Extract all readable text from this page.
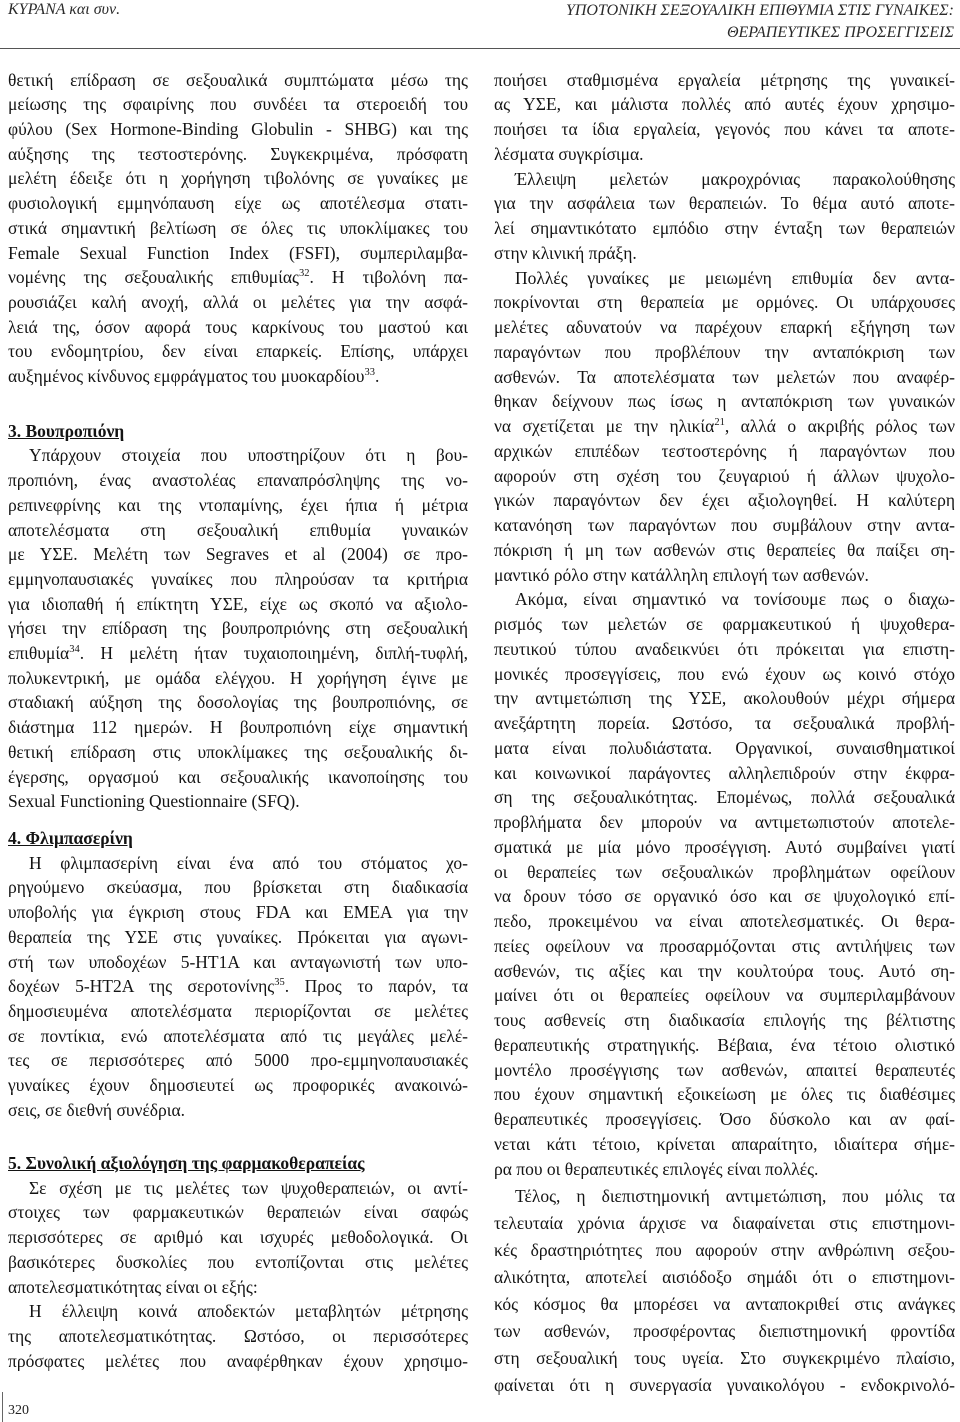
ΚΥΡΑΝΑ και συν.	ΥΠΟΤΟΝΙΚΗ ΣΕΞΟΥΑΛΙΚΗ ΕΠΙΘΥΜΙΑ ΣΤΙΣ ΓΥΝΑΙΚΕΣ:
ΘΕΡΑΠΕΥΤΙΚΕΣ ΠΡΟΣΕΓΓΙΣΕΙΣ
θετική επίδραση σε σεξουαλικά συμπτώματα μέσω της
μείωσης της σφαιρίνης που συνδέει τα στεροειδή του
φύλου (Sex Hormone-Binding Globulin - SHBG) και της
αύξησης της τεστοστερόνης. Συγκεκριμένα, πρόσφατη
μελέτη έδειξε ότι η χορήγηση τιβολόνης σε γυναίκες με
φυσιολογική εμμηνόπαυση είχε ως αποτέλεσμα στατι-
στικά σημαντική βελτίωση σε όλες τις υποκλίμακες του
Female Sexual Function Index (FSFI), συμπεριλαμβα-
νομένης της σεξουαλικής επιθυμίας$^{32}$. Η τιβολόνη πα-
ρουσιάζει καλή ανοχή, αλλά οι μελέτες για την ασφά-
λειά της, όσον αφορά τους καρκίνους του μαστού και
του ενδομητρίου, δεν είναι επαρκείς. Επίσης, υπάρχει
αυξημένος κίνδυνος εμφράγματος του μυοκαρδίου$^{33}$.
3. Βουπροπιόνη
Υπάρχουν στοιχεία που υποστηρίζουν ότι η βου-
προπιόνη, ένας αναστολέας επαναπρόσληψης της νο-
ρεπινεφρίνης και της ντοπαμίνης, έχει ήπια ή μέτρια
αποτελέσματα στη σεξουαλική επιθυμία γυναικών
με ΥΣΕ. Μελέτη των Segraves et al (2004) σε προ-
εμμηνοπαυσιακές γυναίκες που πληρούσαν τα κριτήρια
για ιδιοπαθή ή επίκτητη ΥΣΕ, είχε ως σκοπό να αξιολο-
γήσει την επίδραση της βουπροπριόνης στη σεξουαλική
επιθυμία$^{34}$. Η μελέτη ήταν τυχαιοποιημένη, διπλή-τυφλή,
πολυκεντρική, με ομάδα ελέγχου. Η χορήγηση έγινε με
σταδιακή αύξηση της δοσολογίας της βουπροπιόνης, σε
διάστημα 112 ημερών. Η βουπροπιόνη είχε σημαντική
θετική επίδραση στις υποκλίμακες της σεξουαλικής δι-
έγερσης, οργασμού και σεξουαλικής ικανοποίησης του
Sexual Functioning Questionnaire (SFQ).
4. Φλιμπασερίνη
Η φλιμπασερίνη είναι ένα από του στόματος χο-
ρηγούμενο σκεύασμα, που βρίσκεται στη διαδικασία
υποβολής για έγκριση στους FDA και EMEA για την
θεραπεία της ΥΣΕ στις γυναίκες. Πρόκειται για αγωνι-
στή των υποδοχέων 5-HT1A και ανταγωνιστή των υπο-
δοχέων 5-HT2A της σεροτονίνης$^{35}$. Προς το παρόν, τα
δημοσιευμένα αποτελέσματα περιορίζονται σε μελέτες
σε ποντίκια, ενώ αποτελέσματα από τις μεγάλες μελέ-
τες σε περισσότερες από 5000 προ-εμμηνοπαυσιακές
γυναίκες έχουν δημοσιευτεί ως προφορικές ανακοινώ-
σεις, σε διεθνή συνέδρια.
5. Συνολική αξιολόγηση της φαρμακοθεραπείας
Σε σχέση με τις μελέτες των ψυχοθεραπειών, οι αντί-
στοιχες των φαρμακευτικών θεραπειών είναι σαφώς
περισσότερες σε αριθμό και ισχυρές μεθοδολογικά. Οι
βασικότερες δυσκολίες που εντοπίζονται στις μελέτες
αποτελεσματικότητας είναι οι εξής:
Η έλλειψη κοινά αποδεκτών μεταβλητών μέτρησης
της αποτελεσματικότητας. Ωστόσο, οι περισσότερες
πρόσφατες μελέτες που αναφέρθηκαν έχουν χρησιμο-
ποιήσει σταθμισμένα εργαλεία μέτρησης της γυναικεί-
ας ΥΣΕ, και μάλιστα πολλές από αυτές έχουν χρησιμο-
ποιήσει τα ίδια εργαλεία, γεγονός που κάνει τα αποτε-
λέσματα συγκρίσιμα.
Έλλειψη μελετών μακροχρόνιας παρακολούθησης
για την ασφάλεια των θεραπειών. Το θέμα αυτό αποτε-
λεί σημαντικότατο εμπόδιο στην ένταξη των θεραπειών
στην κλινική πράξη.
Πολλές γυναίκες με μειωμένη επιθυμία δεν αντα-
ποκρίνονται στη θεραπεία με ορμόνες. Οι υπάρχουσες
μελέτες αδυνατούν να παρέχουν επαρκή εξήγηση των
παραγόντων που προβλέπουν την ανταπόκριση των
ασθενών. Τα αποτελέσματα των μελετών που αναφέρ-
θηκαν δείχνουν πως ίσως η ανταπόκριση των γυναικών
να σχετίζεται με την ηλικία$^{21}$, αλλά ο ακριβής ρόλος των
αρχικών επιπέδων τεστοστερόνης ή παραγόντων που
αφορούν στη σχέση του ζευγαριού ή άλλων ψυχολο-
γικών παραγόντων δεν έχει αξιολογηθεί. Η καλύτερη
κατανόηση των παραγόντων που συμβάλουν στην αντα-
πόκριση ή μη των ασθενών στις θεραπείες θα παίξει ση-
μαντικό ρόλο στην κατάλληλη επιλογή των ασθενών.
Ακόμα, είναι σημαντικό να τονίσουμε πως ο διαχω-
ρισμός των μελετών σε φαρμακευτικού ή ψυχοθερα-
πευτικού τύπου αναδεικνύει ότι πρόκειται για επιστη-
μονικές προσεγγίσεις, που ενώ έχουν ως κοινό στόχο
την αντιμετώπιση της ΥΣΕ, ακολουθούν μέχρι σήμερα
ανεξάρτητη πορεία. Ωστόσο, τα σεξουαλικά προβλή-
ματα είναι πολυδιάστατα. Οργανικοί, συναισθηματικοί
και κοινωνικοί παράγοντες αλληλεπιδρούν στην έκφρα-
ση της σεξουαλικότητας. Επομένως, πολλά σεξουαλικά
προβλήματα δεν μπορούν να αντιμετωπιστούν αποτελε-
σματικά με μία μόνο προσέγγιση. Αυτό συμβαίνει γιατί
οι θεραπείες των σεξουαλικών προβλημάτων οφείλουν
να δρουν τόσο σε οργανικό όσο και σε ψυχολογικό επί-
πεδο, προκειμένου να είναι αποτελεσματικές. Οι θερα-
πείες οφείλουν να προσαρμόζονται στις αντιλήψεις των
ασθενών, τις αξίες και την κουλτούρα τους. Αυτό ση-
μαίνει ότι οι θεραπείες οφείλουν να συμπεριλαμβάνουν
τους ασθενείς στη διαδικασία επιλογής της βέλτιστης
θεραπευτικής στρατηγικής. Βέβαια, ένα τέτοιο ολιστικό
μοντέλο προσέγγισης των ασθενών, απαιτεί θεραπευτές
που έχουν σημαντική εξοικείωση με όλες τις διαθέσιμες
θεραπευτικές προσεγγίσεις. Όσο δύσκολο και αν φαί-
νεται κάτι τέτοιο, κρίνεται απαραίτητο, ιδιαίτερα σήμε-
ρα που οι θεραπευτικές επιλογές είναι πολλές.
Τέλος, η διεπιστημονική αντιμετώπιση, που μόλις τα
τελευταία χρόνια άρχισε να διαφαίνεται στις επιστημονι-
κές δραστηριότητες που αφορούν στην ανθρώπινη σεξου-
αλικότητα, αποτελεί αισιόδοξο σημάδι ότι ο επιστημονι-
κός κόσμος θα μπορέσει να ανταποκριθεί στις ανάγκες
των ασθενών, προσφέροντας διεπιστημονική φροντίδα
στη σεξουαλική τους υγεία. Στο συγκεκριμένο πλαίσιο,
φαίνεται ότι η συνεργασία γυναικολόγου - ενδοκρινολό-
320
